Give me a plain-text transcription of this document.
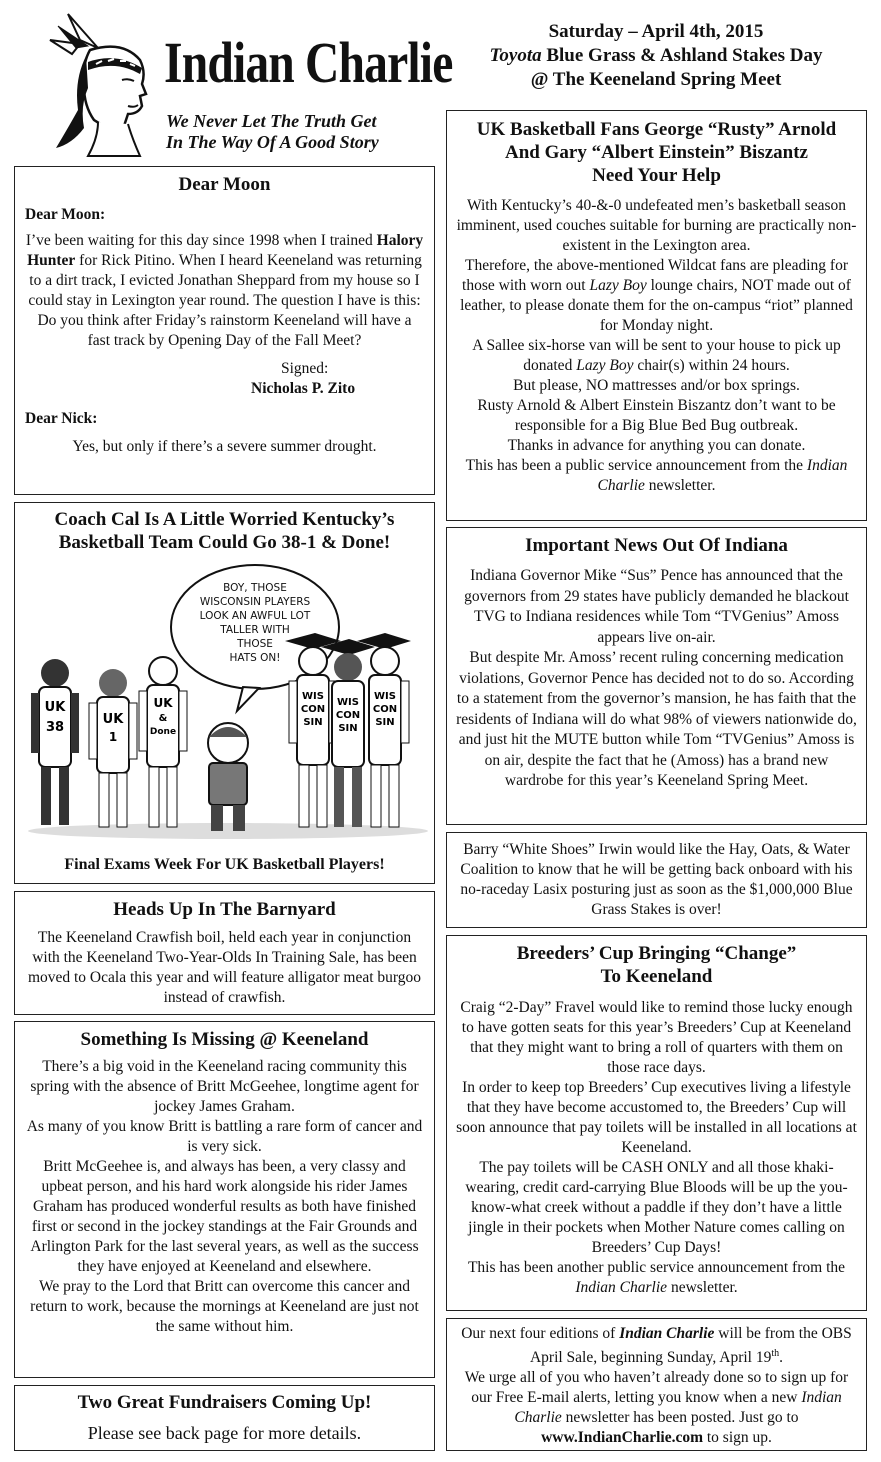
Indian Charlie
We Never Let The Truth Get
In The Way Of A Good Story
Saturday – April 4th, 2015
Toyota Blue Grass & Ashland Stakes Day
@ The Keeneland Spring Meet
Dear Moon
Dear Moon:
I’ve been waiting for this day since 1998 when I trained Halory Hunter for Rick Pitino. When I heard Keeneland was returning to a dirt track, I evicted Jonathan Sheppard from my house so I could stay in Lexington year round. The question I have is this: Do you think after Friday’s rainstorm Keeneland will have a fast track by Opening Day of the Fall Meet?
Signed:
Nicholas P. Zito
Dear Nick:
Yes, but only if there’s a severe summer drought.
Coach Cal Is A Little Worried Kentucky’s
Basketball Team Could Go 38-1 & Done!
BOY, THOSE
WISCONSIN PLAYERS
LOOK AN AWFUL LOT
TALLER WITH
THOSE
HATS ON!
UK
38
UK
1
UK
&
Done
WIS
CON
SIN
WIS
CON
SIN
WIS
CON
SIN
Final Exams Week For UK Basketball Players!
Heads Up In The Barnyard
The Keeneland Crawfish boil, held each year in conjunction with the Keeneland Two-Year-Olds In Training Sale, has been moved to Ocala this year and will feature alligator meat burgoo instead of crawfish.
Something Is Missing @ Keeneland
There’s a big void in the Keeneland racing community this spring with the absence of Britt McGeehee, longtime agent for jockey James Graham.
As many of you know Britt is battling a rare form of cancer and is very sick.
Britt McGeehee is, and always has been, a very classy and upbeat person, and his hard work alongside his rider James Graham has produced wonderful results as both have finished first or second in the jockey standings at the Fair Grounds and Arlington Park for the last several years, as well as the success they have enjoyed at Keeneland and elsewhere.
We pray to the Lord that Britt can overcome this cancer and return to work, because the mornings at Keeneland are just not the same without him.
Two Great Fundraisers Coming Up!
Please see back page for more details.
UK Basketball Fans George “Rusty” Arnold
And Gary “Albert Einstein” Biszantz
Need Your Help
With Kentucky’s 40-&-0 undefeated men’s basketball season imminent, used couches suitable for burning are practically non-existent in the Lexington area.
Therefore, the above-mentioned Wildcat fans are pleading for those with worn out Lazy Boy lounge chairs, NOT made out of leather, to please donate them for the on-campus “riot” planned for Monday night.
A Sallee six-horse van will be sent to your house to pick up donated Lazy Boy chair(s) within 24 hours.
But please, NO mattresses and/or box springs.
Rusty Arnold & Albert Einstein Biszantz don’t want to be responsible for a Big Blue Bed Bug outbreak.
Thanks in advance for anything you can donate.
This has been a public service announcement from the Indian Charlie newsletter.
Important News Out Of Indiana
Indiana Governor Mike “Sus” Pence has announced that the governors from 29 states have publicly demanded he blackout TVG to Indiana residences while Tom “TVGenius” Amoss appears live on-air.
But despite Mr. Amoss’ recent ruling concerning medication violations, Governor Pence has decided not to do so. According to a statement from the governor’s mansion, he has faith that the residents of Indiana will do what 98% of viewers nationwide do, and just hit the MUTE button while Tom “TVGenius” Amoss is on air, despite the fact that he (Amoss) has a brand new wardrobe for this year’s Keeneland Spring Meet.
Barry “White Shoes” Irwin would like the Hay, Oats, & Water Coalition to know that he will be getting back onboard with his no-raceday Lasix posturing just as soon as the $1,000,000 Blue Grass Stakes is over!
Breeders’ Cup Bringing “Change”
To Keeneland
Craig “2-Day” Fravel would like to remind those lucky enough to have gotten seats for this year’s Breeders’ Cup at Keeneland that they might want to bring a roll of quarters with them on those race days.
In order to keep top Breeders’ Cup executives living a lifestyle that they have become accustomed to, the Breeders’ Cup will soon announce that pay toilets will be installed in all locations at Keeneland.
The pay toilets will be CASH ONLY and all those khaki-wearing, credit card-carrying Blue Bloods will be up the you-know-what creek without a paddle if they don’t have a little jingle in their pockets when Mother Nature comes calling on Breeders’ Cup Days!
This has been another public service announcement from the Indian Charlie newsletter.
Our next four editions of Indian Charlie will be from the OBS April Sale, beginning Sunday, April 19th.
We urge all of you who haven’t already done so to sign up for our Free E-mail alerts, letting you know when a new Indian Charlie newsletter has been posted. Just go to www.IndianCharlie.com to sign up.
